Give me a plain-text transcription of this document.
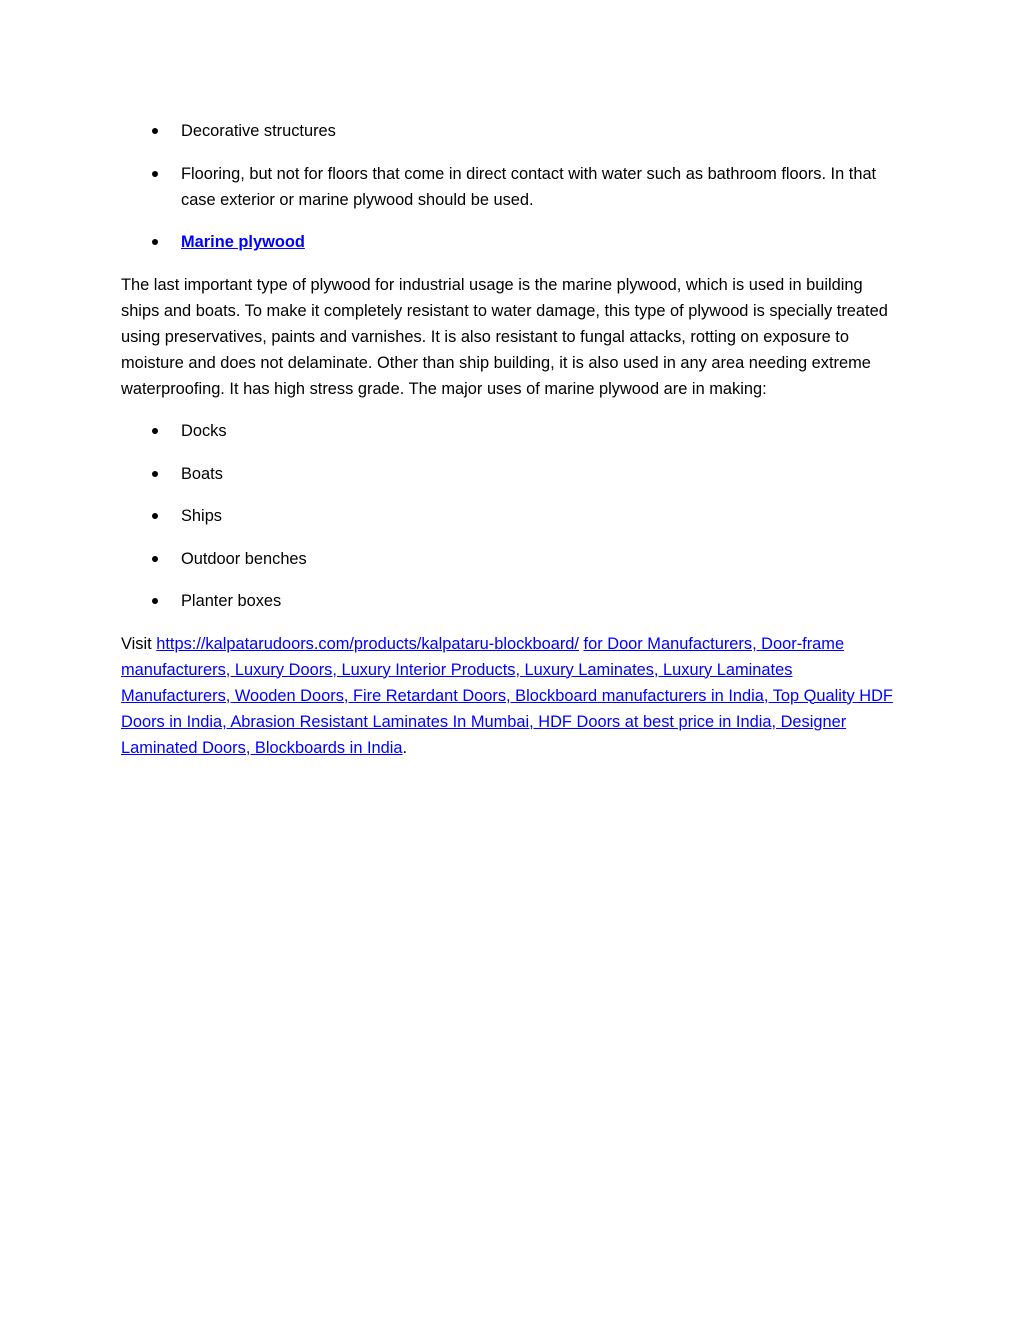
Decorative structures
Flooring, but not for floors that come in direct contact with water such as bathroom floors. In that case exterior or marine plywood should be used.
Marine plywood

The last important type of plywood for industrial usage is the marine plywood, which is used in building ships and boats. To make it completely resistant to water damage, this type of plywood is specially treated using preservatives, paints and varnishes. It is also resistant to fungal attacks, rotting on exposure to moisture and does not delaminate. Other than ship building, it is also used in any area needing extreme waterproofing. It has high stress grade. The major uses of marine plywood are in making:

Docks
Boats
Ships
Outdoor benches
Planter boxes

Visit https://kalpatarudoors.com/products/kalpataru-blockboard/ for Door Manufacturers, Door-frame manufacturers, Luxury Doors, Luxury Interior Products, Luxury Laminates, Luxury Laminates Manufacturers, Wooden Doors, Fire Retardant Doors, Blockboard manufacturers in India, Top Quality HDF Doors in India, Abrasion Resistant Laminates In Mumbai, HDF Doors at best price in India, Designer Laminated Doors, Blockboards in India.
